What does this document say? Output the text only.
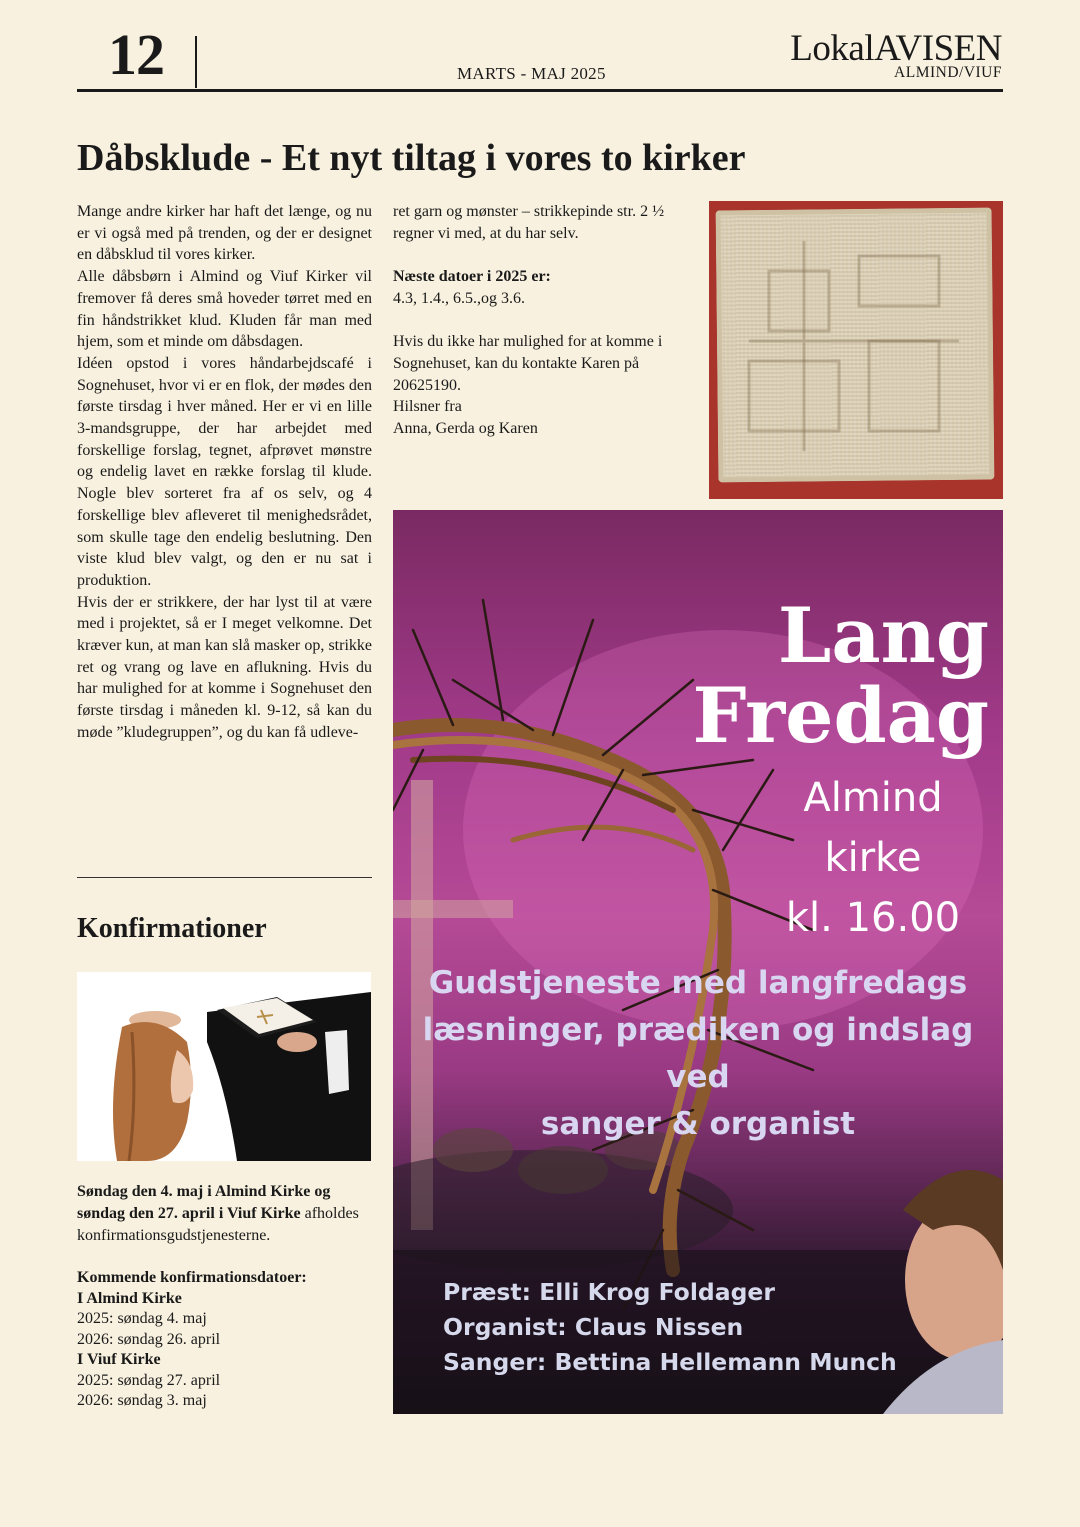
12	MARTS - MAJ 2025
LokalAVISEN
ALMIND/VIUF
Dåbsklude - Et nyt tiltag i vores to kirker

Mange andre kirker har haft det længe, og nu er vi også med på trenden, og der er designet en dåbsklud til vores kirker.

Alle dåbsbørn i Almind og Viuf Kirker vil fremover få deres små hoveder tørret med en fin håndstrikket klud. Kluden får man med hjem, som et minde om dåbsdagen.

Idéen opstod i vores håndarbejdscafé i Sognehuset, hvor vi er en flok, der mødes den første tirsdag i hver måned. Her er vi en lille 3-mandsgruppe, der har arbejdet med forskellige forslag, tegnet, afprøvet mønstre og endelig lavet en række forslag til klude. Nogle blev sorteret fra af os selv, og 4 forskellige blev afleveret til menighedsrådet, som skulle tage den endelig beslutning. Den viste klud blev valgt, og den er nu sat i produktion.

Hvis der er strikkere, der har lyst til at være med i projektet, så er I meget velkomne. Det kræver kun, at man kan slå masker op, strikke ret og vrang og lave en aflukning. Hvis du har mulighed for at komme i Sognehuset den første tirsdag i måneden kl. 9-12, så kan du møde ”kludegruppen”, og du kan få udleve-

ret garn og mønster – strikkepinde str. 2 ½ regner vi med, at du har selv.

Næste datoer i 2025 er:

4.3, 1.4., 6.5.,og 3.6.

Hvis du ikke har mulighed for at komme i Sognehuset, kan du kontakte Karen på 20625190.

Hilsner fra

Anna, Gerda og Karen

Konfirmationer
Søndag den 4. maj i Almind Kirke og søndag den 27. april i Viuf Kirke afholdes konfirmationsgudstjenesterne.
Kommende konfirmationsdatoer:
I Almind Kirke
2025: søndag 4. maj
2026: søndag 26. april
I Viuf Kirke
2025: søndag 27. april
2026: søndag 3. maj
Lang
Fredag
Almind
kirke
kl. 16.00
Gudstjeneste med langfredags
læsninger, prædiken og indslag ved
sanger & organist
Præst: Elli Krog Foldager
Organist: Claus Nissen
Sanger: Bettina Hellemann Munch
